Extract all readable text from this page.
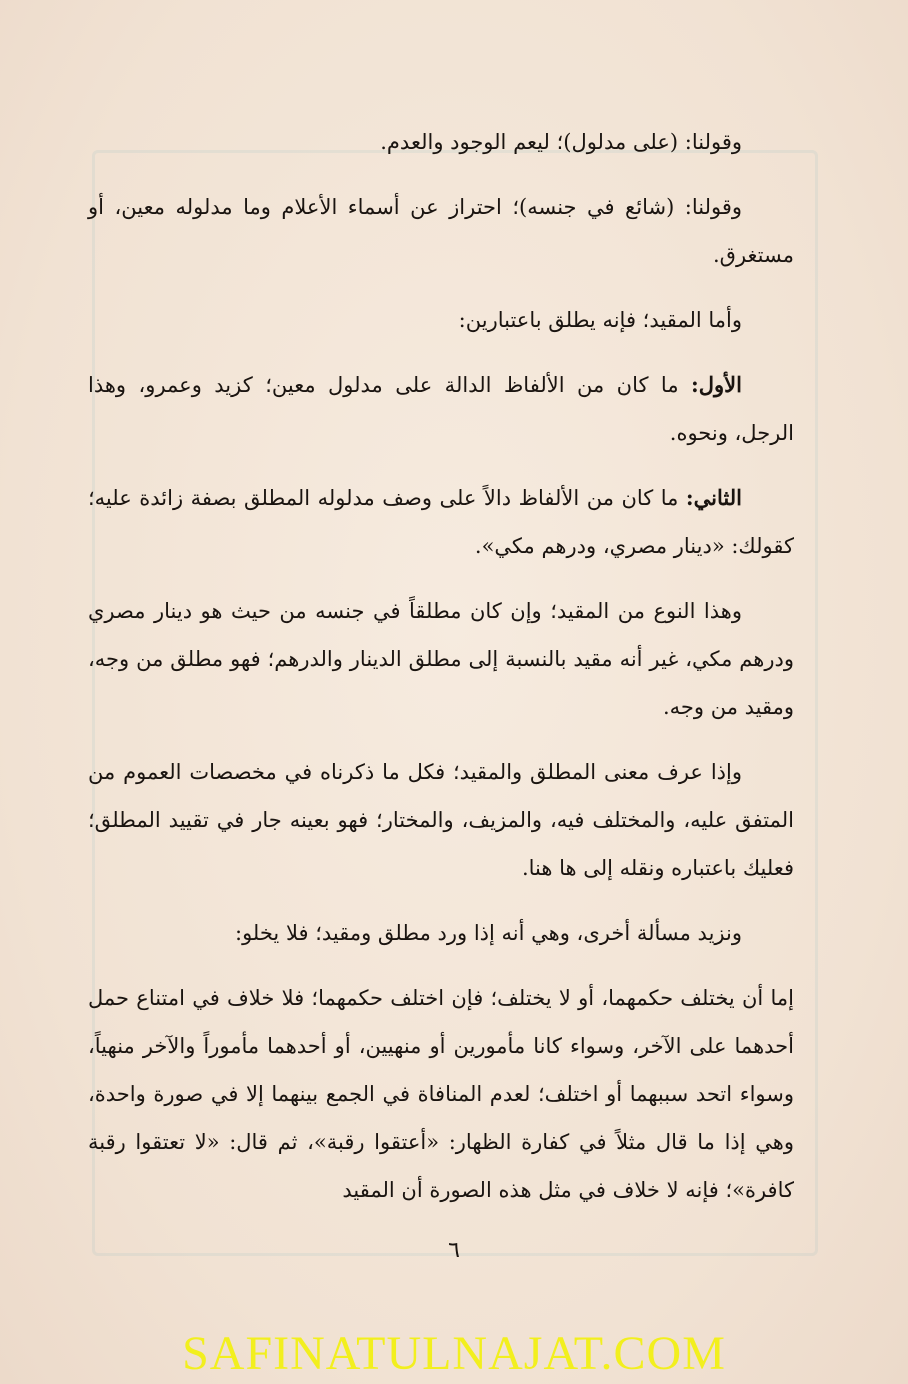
وقولنا: (على مدلول)؛ ليعم الوجود والعدم.

وقولنا: (شائع في جنسه)؛ احتراز عن أسماء الأعلام وما مدلوله معين، أو مستغرق.

وأما المقيد؛ فإنه يطلق باعتبارين:

الأول: ما كان من الألفاظ الدالة على مدلول معين؛ كزيد وعمرو، وهذا الرجل، ونحوه.

الثاني: ما كان من الألفاظ دالاً على وصف مدلوله المطلق بصفة زائدة عليه؛ كقولك: «دينار مصري، ودرهم مكي».

وهذا النوع من المقيد؛ وإن كان مطلقاً في جنسه من حيث هو دينار مصري ودرهم مكي، غير أنه مقيد بالنسبة إلى مطلق الدينار والدرهم؛ فهو مطلق من وجه، ومقيد من وجه.

وإذا عرف معنى المطلق والمقيد؛ فكل ما ذكرناه في مخصصات العموم من المتفق عليه، والمختلف فيه، والمزيف، والمختار؛ فهو بعينه جار في تقييد المطلق؛ فعليك باعتباره ونقله إلى ها هنا.

ونزيد مسألة أخرى، وهي أنه إذا ورد مطلق ومقيد؛ فلا يخلو:

إما أن يختلف حكمهما، أو لا يختلف؛ فإن اختلف حكمهما؛ فلا خلاف في امتناع حمل أحدهما على الآخر، وسواء كانا مأمورين أو منهيين، أو أحدهما مأموراً والآخر منهياً، وسواء اتحد سببهما أو اختلف؛ لعدم المنافاة في الجمع بينهما إلا في صورة واحدة، وهي إذا ما قال مثلاً في كفارة الظهار: «أعتقوا رقبة»، ثم قال: «لا تعتقوا رقبة كافرة»؛ فإنه لا خلاف في مثل هذه الصورة أن المقيد

٦
SAFINATULNAJAT.COM
